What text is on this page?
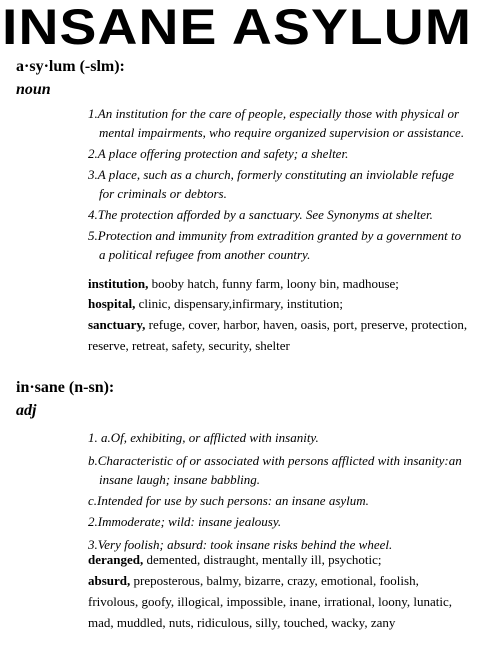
INSANE ASYLUM
a·sy·lum (-slm):
noun
1.An institution for the care of people, especially those with physical or mental impairments, who require organized supervision or assistance.
2.A place offering protection and safety; a shelter.
3.A place, such as a church, formerly constituting an inviolable refuge for criminals or debtors.
4.The protection afforded by a sanctuary. See Synonyms at shelter.
5.Protection and immunity from extradition granted by a government to a political refugee from another country.
institution, booby hatch, funny farm, loony bin, madhouse;
hospital, clinic, dispensary,infirmary, institution;
sanctuary, refuge, cover, harbor, haven, oasis, port, preserve, protection, reserve, retreat, safety, security, shelter
in·sane (n-sn):
adj
1. a.Of, exhibiting, or afflicted with insanity.
b.Characteristic of or associated with persons afflicted with insanity:an insane laugh; insane babbling.
c.Intended for use by such persons: an insane asylum.
2.Immoderate; wild: insane jealousy.
3.Very foolish; absurd: took insane risks behind the wheel.
deranged, demented, distraught, mentally ill, psychotic;
absurd, preposterous, balmy, bizarre, crazy, emotional, foolish, frivolous, goofy, illogical, impossible, inane, irrational, loony, lunatic, mad, muddled, nuts, ridiculous, silly, touched, wacky, zany
